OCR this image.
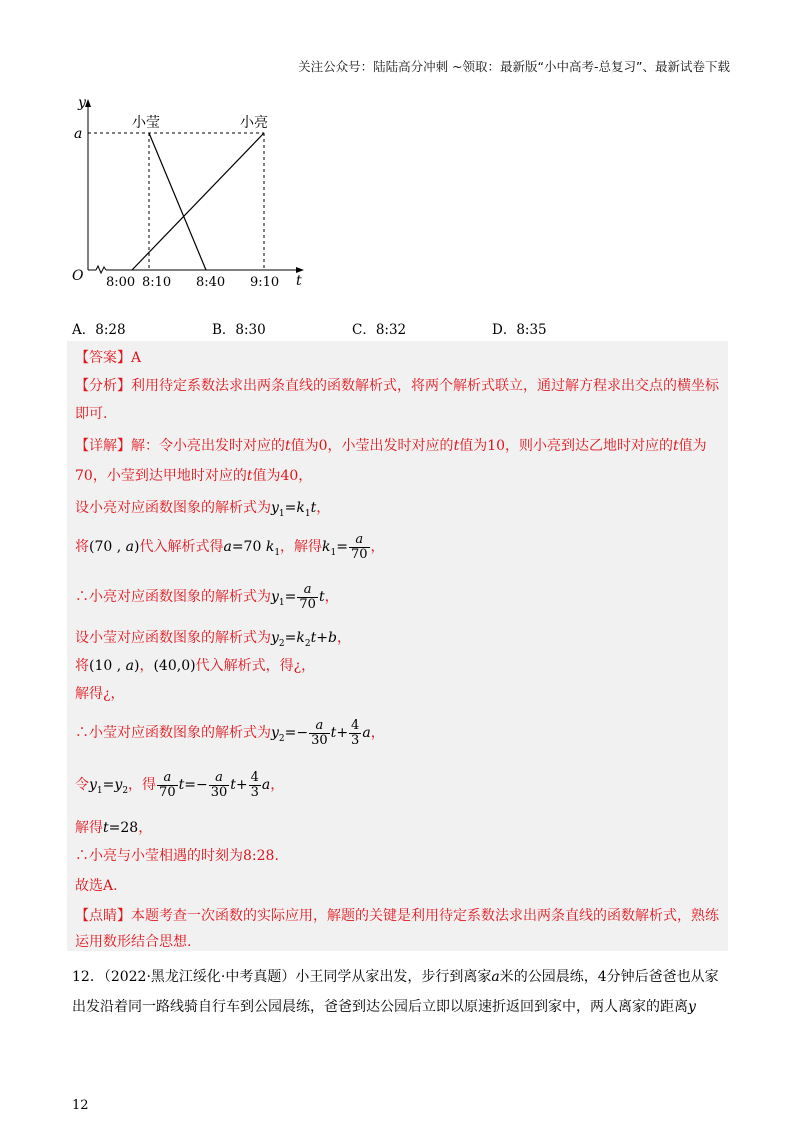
关注公众号：陆陆高分冲刺 ~领取：最新版“小中高考-总复习”、最新试卷下载
y
a
O	t
8:00 8:10 8:40 9:10
小莹	小亮
A．8:28	B．8:30	C．8:32	D．8:35
【答案】A
【分析】利用待定系数法求出两条直线的函数解析式，将两个解析式联立，通过解方程求出交点的横坐标
即可.
【详解】解：令小亮出发时对应的t值为0，小莹出发时对应的t值为10，则小亮到达乙地时对应的t值为
70，小莹到达甲地时对应的t值为40，
设小亮对应函数图象的解析式为$y_1=k_1t$，
将(70 , a)代入解析式得a=70 $k_1$，解得$k_1= \frac{a}{70}$ ，
∴小亮对应函数图象的解析式为$y_1= \frac{a}{70}$ t，
设小莹对应函数图象的解析式为$y_2=k_2t+b$，
将(10 , a)，(40,0)代入解析式，得¿，
解得¿，
∴小莹对应函数图象的解析式为$y_2=- \frac{a}{30} t+ \frac{4}{3}$ a，
令$y_1=y_2$，得 $\frac{a}{70} t=- \frac{a}{30} t+ \frac{4}{3}$ a，
解得t=28，
∴小亮与小莹相遇的时刻为8:28.
故选A.
【点睛】本题考查一次函数的实际应用，解题的关键是利用待定系数法求出两条直线的函数解析式，熟练
运用数形结合思想.
12．（2022·黑龙江绥化·中考真题）小王同学从家出发，步行到离家a米的公园晨练，4分钟后爸爸也从家
出发沿着同一路线骑自行车到公园晨练，爸爸到达公园后立即以原速折返回到家中，两人离家的距离y
12
